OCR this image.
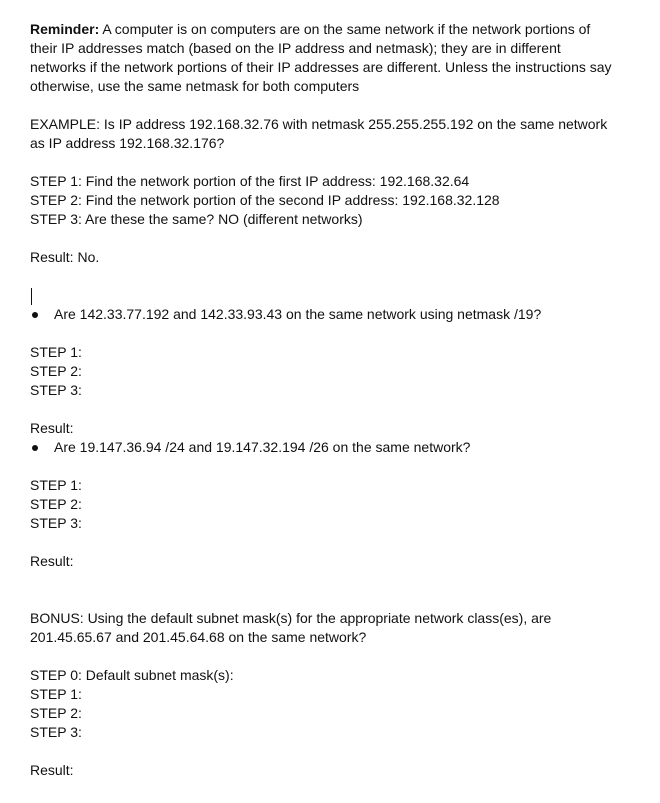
Reminder: A computer is on computers are on the same network if the network portions of their IP addresses match (based on the IP address and netmask); they are in different networks if the network portions of their IP addresses are different. Unless the instructions say otherwise, use the same netmask for both computers

EXAMPLE: Is IP address 192.168.32.76 with netmask 255.255.255.192 on the same network as IP address 192.168.32.176?

STEP 1: Find the network portion of the first IP address: 192.168.32.64

STEP 2: Find the network portion of the second IP address: 192.168.32.128

STEP 3: Are these the same? NO (different networks)

Result: No.

Are 142.33.77.192 and 142.33.93.43 on the same network using netmask /19?

STEP 1:

STEP 2:

STEP 3:

Result:

Are 19.147.36.94 /24 and 19.147.32.194 /26 on the same network?

STEP 1:

STEP 2:

STEP 3:

Result:

BONUS: Using the default subnet mask(s) for the appropriate network class(es), are 201.45.65.67 and 201.45.64.68 on the same network?

STEP 0: Default subnet mask(s):

STEP 1:

STEP 2:

STEP 3:

Result:
